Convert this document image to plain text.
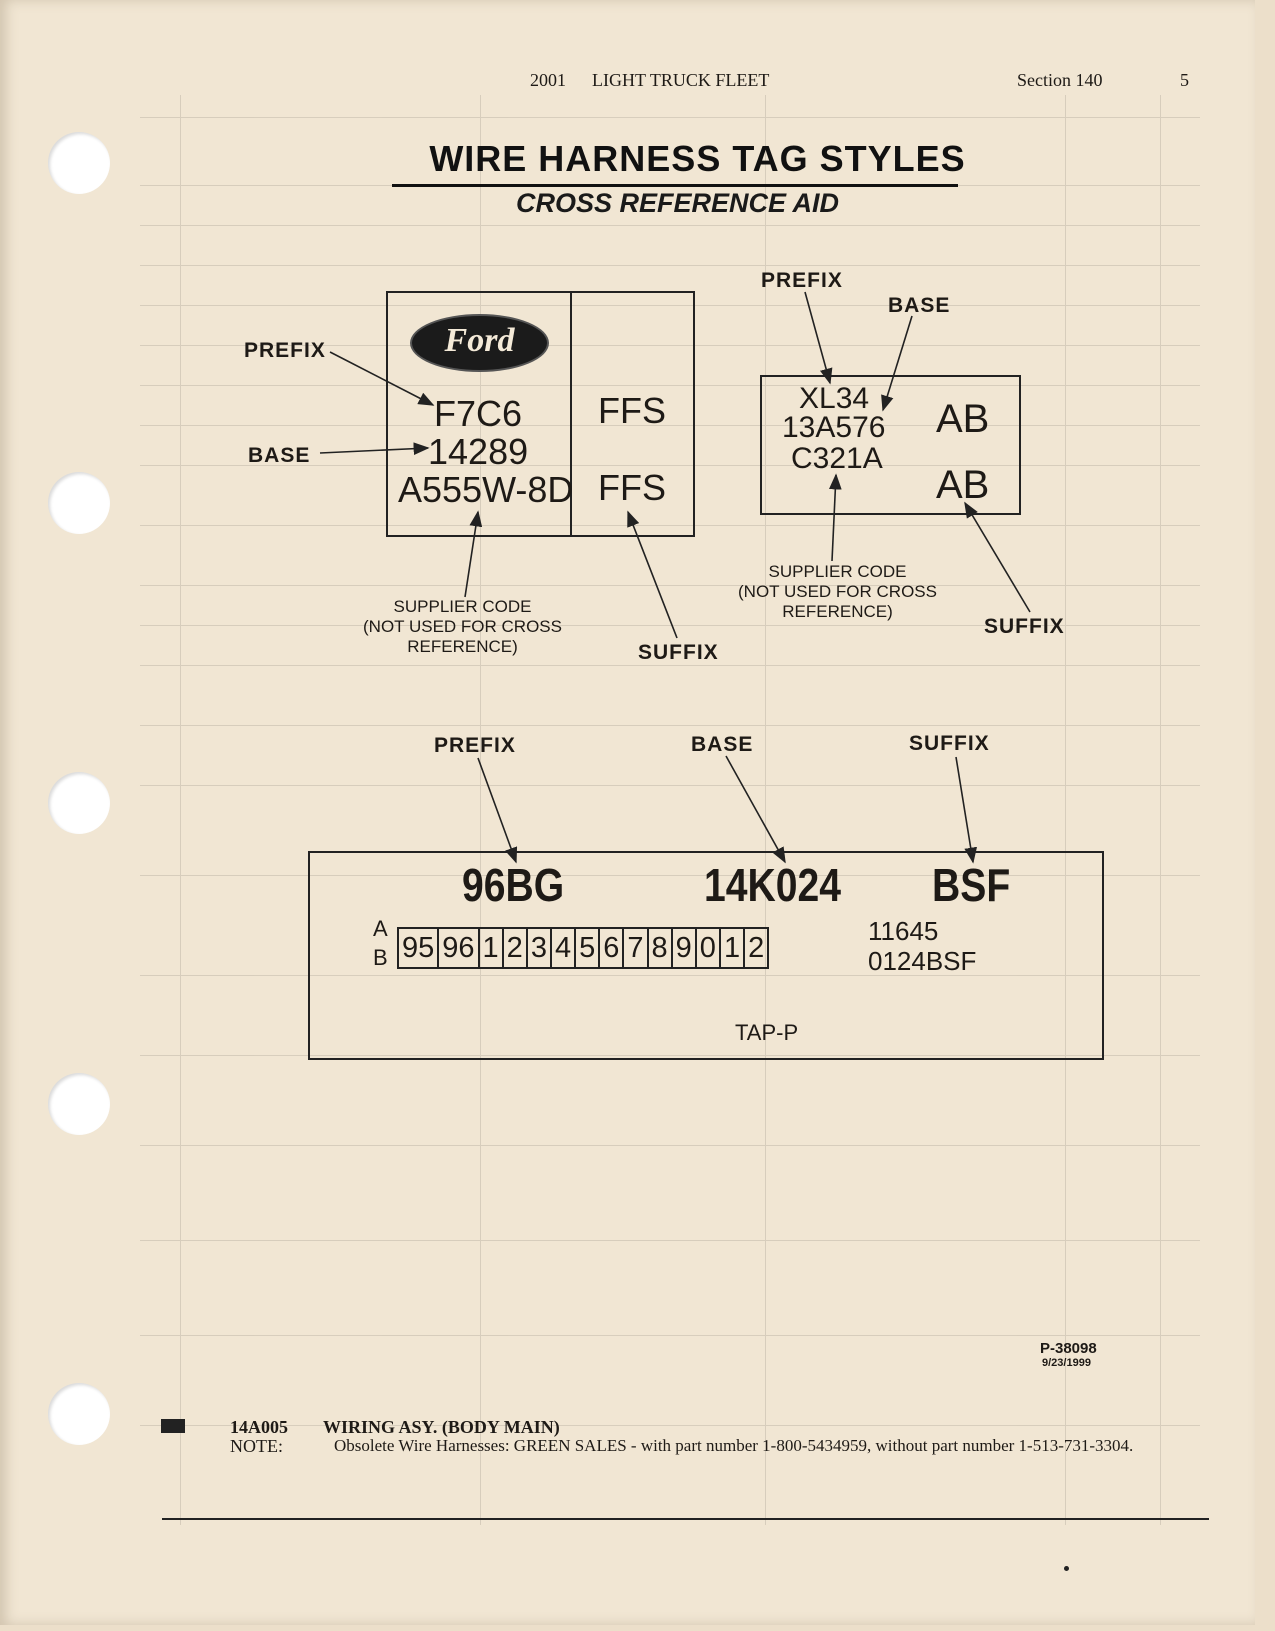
2001 LIGHT TRUCK FLEET	Section 140	5
WIRE HARNESS TAG STYLES
CROSS REFERENCE AID
Ford
F7C6
14289
A555W-8D
FFS
FFS
PREFIX
BASE
SUFFIX
SUPPLIER CODE
(NOT USED FOR CROSS
REFERENCE)
XL34
13A576
C321A
AB
AB
PREFIX
BASE
SUFFIX
SUPPLIER CODE
(NOT USED FOR CROSS
REFERENCE)
PREFIX	BASE	SUFFIX
96BG	14K024 BSF
A
B 95 96 1 2 3 4 5 6 7 8 9 0 1 2
11645
0124BSF
TAP-P
P-38098
9/23/1999
14A005 WIRING ASY. (BODY MAIN)
NOTE:	Obsolete Wire Harnesses: GREEN SALES - with part number 1-800-5434959, without part number 1-513-731-3304.
